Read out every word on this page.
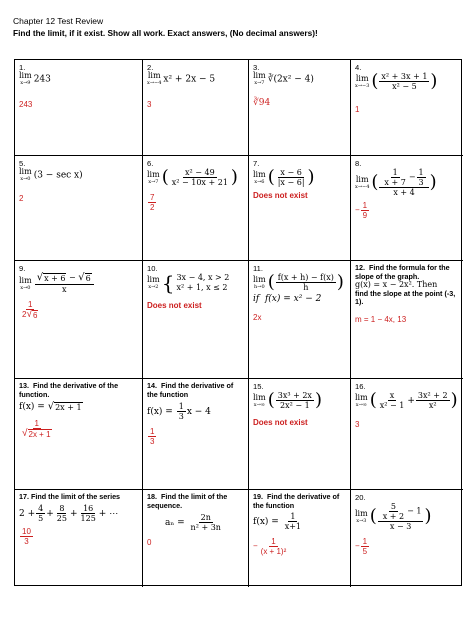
Chapter 12 Test Review
Find the limit, if it exist. Show all work. Exact answers, (No decimal answers)!
1.
lim
x→9 243
243
2.
lim
x→−4 x² + 2x − 5
3
3.
lim
x→7 ∛(2x² − 4)
∛94
4.
lim
x→−3 ( $\frac{\text{x² + 3x + 1}}{\text{x² − 5}}$ )
1
5.
lim
x→0 (3 − sec x)
2
6.
lim
x→7 ( $\frac{\text{x² − 49}}{\text{x² − 10x + 21}}$ )
$\frac{7}{2}$
7.
lim
x→6 ( $\frac{x - 6}{|x - 6|}$ )
Does not exist
8.
lim
x→−4 ( $\frac{\frac{1}{x + 7} - \frac{1}{3}}{x + 4}$ )
− $\frac{1}{9}$
9.
lim
$x\to 0 \frac{√ x + 6 - √ 6}{x}$
$\frac{1}{2 √ 6}$
10.
lim
x→2 { 3x − 4, x > 2
x² + 1, x ≤ 2
Does not exist
11.
lim
h→0 ( $\frac{f(x + h) - f(x)}{h}$ )
if f(x) = x² − 2
2x
12. Find the formula for the slope of the graph.
g(x) = x − 2x². Then
find the slope at the point (-3, 1).
m = 1 − 4x, 13
13. Find the derivative of the function.
f(x) = √ 2x + 1
$\frac{1}{√ 2x + 1}$
14. Find the derivative of the function
$f(x) = \frac{1}{3}$ x − 4
$\frac{1}{3}$
15.
lim
x→∞ ( $\frac{\text{3x³ + 2x}}{\text{2x² − 1}}$ )
Does not exist
16.
lim
x→∞ ( $\frac{x}{\text{x² − 1}} + \frac{\text{3x² + 2}}{\text{x²}}$ )
3
17. Find the limit of the series
$2 + \frac{4}{5} + \frac{8}{25} + \frac{16}{125}$ + ⋯
$\frac{10}{3}$
18. Find the limit of the sequence.
$a_n = \frac{2n}{\text{n² + 3n}}$
0
19. Find the derivative of the function
$f(x) = \frac{1}{x+1}$
− $\frac{1}{\text{(x + 1)²}}$
20.
lim
x→3 ( $\frac{\frac{5}{x + 2} - 1}{x - 3}$ )
− $\frac{1}{5}$
